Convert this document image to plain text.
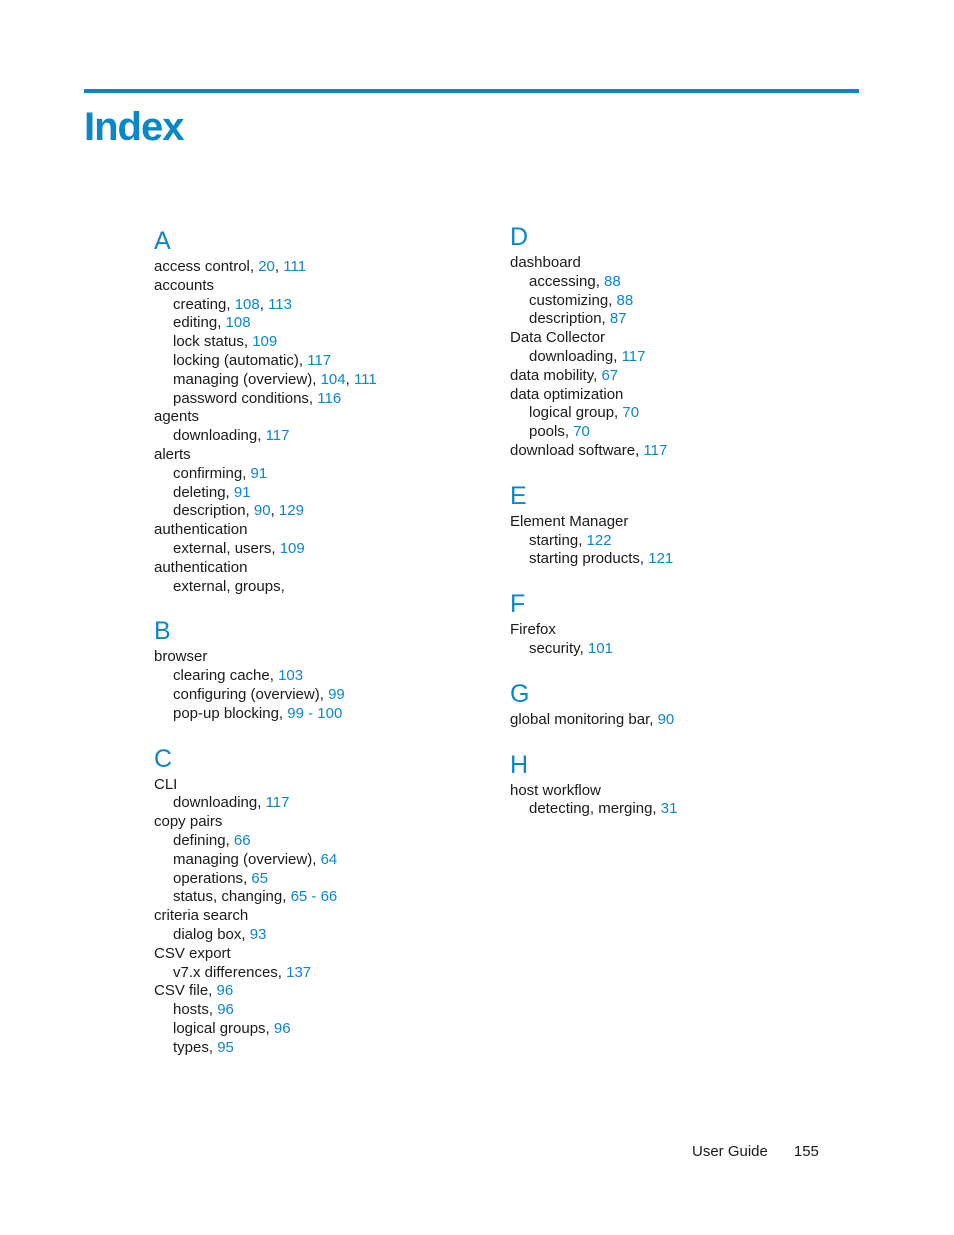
Index
A
access control, 20, 111
accounts
creating, 108, 113
editing, 108
lock status, 109
locking (automatic), 117
managing (overview), 104, 111
password conditions, 116
agents
downloading, 117
alerts
confirming, 91
deleting, 91
description, 90, 129
authentication
external, users, 109
authentication
external, groups,
B
browser
clearing cache, 103
configuring (overview), 99
pop-up blocking, 99 - 100
C
CLI
downloading, 117
copy pairs
defining, 66
managing (overview), 64
operations, 65
status, changing, 65 - 66
criteria search
dialog box, 93
CSV export
v7.x differences, 137
CSV file, 96
hosts, 96
logical groups, 96
types, 95
D
dashboard
accessing, 88
customizing, 88
description, 87
Data Collector
downloading, 117
data mobility, 67
data optimization
logical group, 70
pools, 70
download software, 117
E
Element Manager
starting, 122
starting products, 121
F
Firefox
security, 101
G
global monitoring bar, 90
H
host workflow
detecting, merging, 31
User Guide 155
